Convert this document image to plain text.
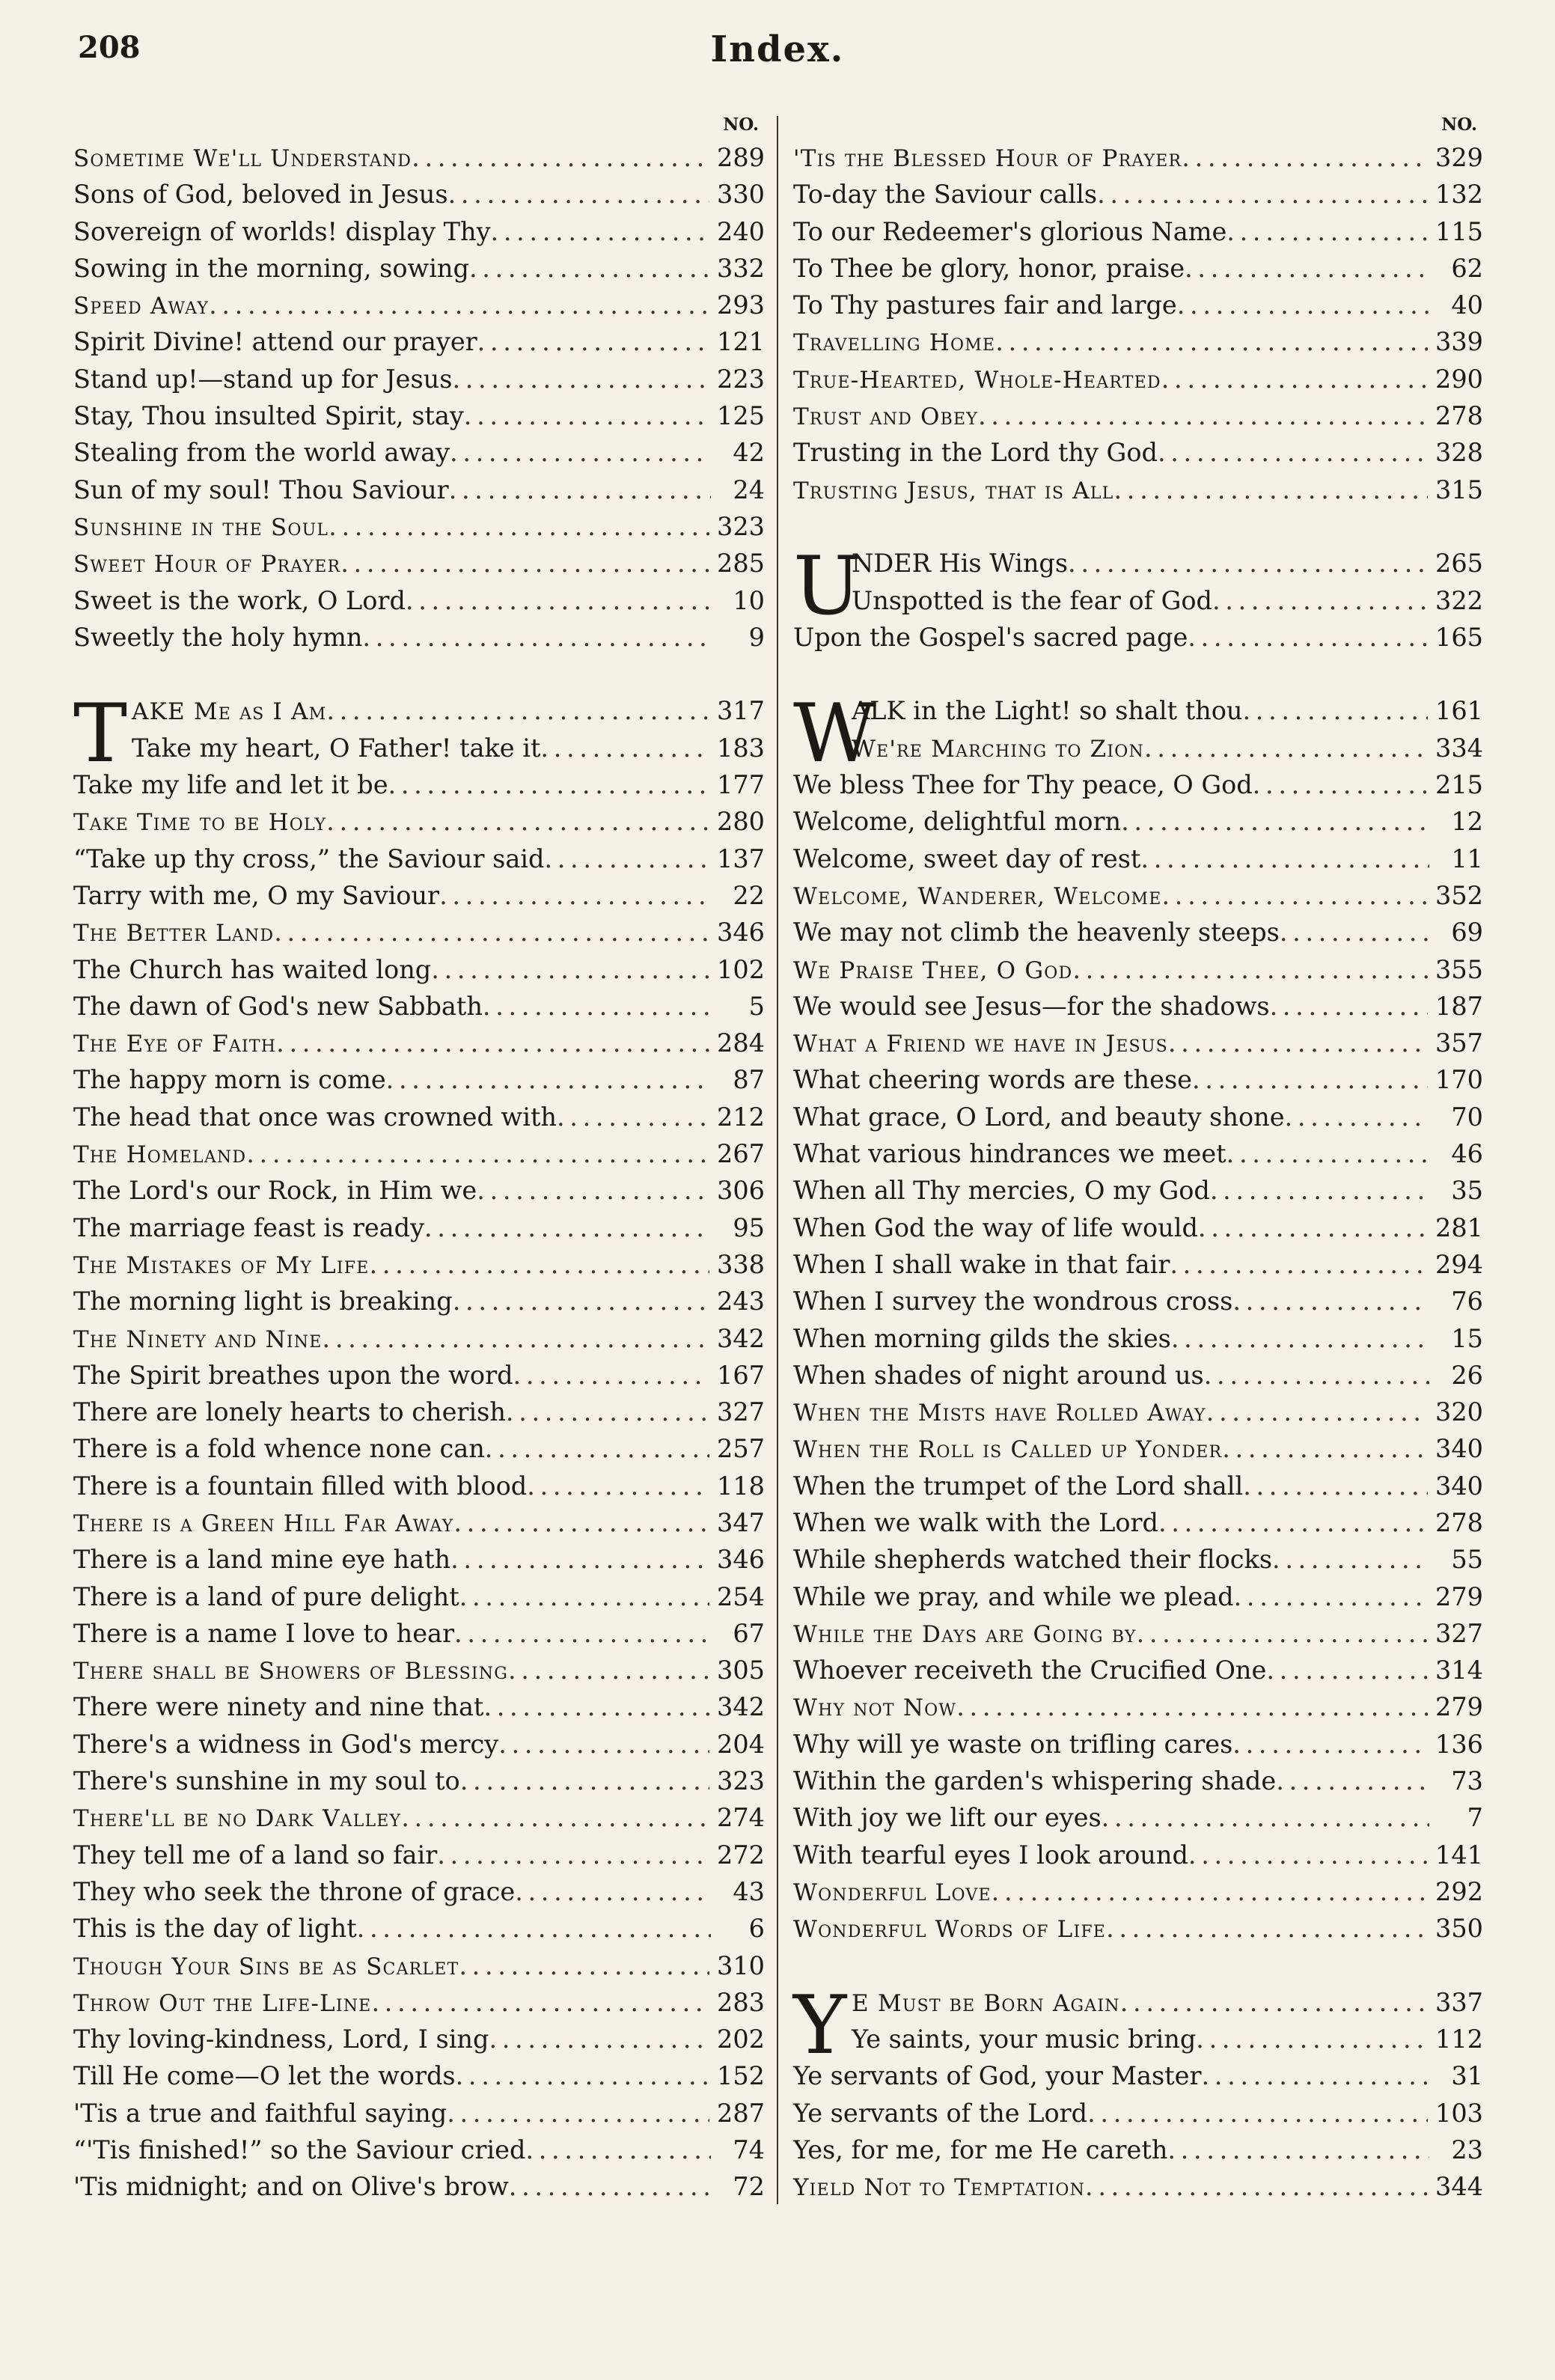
208	Index.
NO.
Sometime We'll Understand . . .	289
Sons of God, beloved in Jesus . . .	330
Sovereign of worlds! display Thy . . .	240
Sowing in the morning, sowing . . .	332
Speed Away . . .	293
Spirit Divine! attend our prayer . . .	121
Stand up!—stand up for Jesus . . .	223
Stay, Thou insulted Spirit, stay . . .	125
Stealing from the world away . . .	42
Sun of my soul! Thou Saviour . . .	24
Sunshine in the Soul . . .	323
Sweet Hour of Prayer . . .	285
Sweet is the work, O Lord . . .	10
Sweetly the holy hymn . . .	9
T AKE Me as I Am . . .	317
Take my heart, O Father! take it . . .	183
Take my life and let it be . . .	177
Take Time to be Holy . . .	280
“Take up thy cross,” the Saviour said . . .	137
Tarry with me, O my Saviour . . .	22
The Better Land . . .	346
The Church has waited long . . .	102
The dawn of God's new Sabbath . . .	5
The Eye of Faith . . .	284
The happy morn is come . . .	87
The head that once was crowned with . . .	212
The Homeland . . .	267
The Lord's our Rock, in Him we . . .	306
The marriage feast is ready . . .	95
The Mistakes of My Life . . .	338
The morning light is breaking . . .	243
The Ninety and Nine . . .	342
The Spirit breathes upon the word . . .	167
There are lonely hearts to cherish . . .	327
There is a fold whence none can . . .	257
There is a fountain filled with blood . . .	118
There is a Green Hill Far Away . . .	347
There is a land mine eye hath . . .	346
There is a land of pure delight . . .	254
There is a name I love to hear . . .	67
There shall be Showers of Blessing . . .	305
There were ninety and nine that . . .	342
There's a widness in God's mercy . . .	204
There's sunshine in my soul to . . .	323
There'll be no Dark Valley . . .	274
They tell me of a land so fair . . .	272
They who seek the throne of grace . . .	43
This is the day of light . . .	6
Though Your Sins be as Scarlet . . .	310
Throw Out the Life-Line . . .	283
Thy loving-kindness, Lord, I sing . . .	202
Till He come—O let the words . . .	152
'Tis a true and faithful saying . . .	287
“'Tis finished!” so the Saviour cried . . .	74
'Tis midnight; and on Olive's brow . . .	72
NO.
'Tis the Blessed Hour of Prayer . . .	329
To-day the Saviour calls . . .	132
To our Redeemer's glorious Name . . .	115
To Thee be glory, honor, praise . . .	62
To Thy pastures fair and large . . .	40
Travelling Home . . .	339
True-Hearted, Whole-Hearted . . .	290
Trust and Obey . . .	278
Trusting in the Lord thy God . . .	328
Trusting Jesus, that is All . . .	315
U
NDER His Wings . . .	265
Unspotted is the fear of God . . .	322
Upon the Gospel's sacred page . . .	165
W
ALK in the Light! so shalt thou . . .	161
We're Marching to Zion . . .	334
We bless Thee for Thy peace, O God . . .	215
Welcome, delightful morn . . .	12
Welcome, sweet day of rest . . .	11
Welcome, Wanderer, Welcome . . .	352
We may not climb the heavenly steeps . . .	69
We Praise Thee, O God . . .	355
We would see Jesus—for the shadows . . .	187
What a Friend we have in Jesus . . .	357
What cheering words are these . . .	170
What grace, O Lord, and beauty shone . . .	70
What various hindrances we meet . . .	46
When all Thy mercies, O my God . . .	35
When God the way of life would . . .	281
When I shall wake in that fair . . .	294
When I survey the wondrous cross . . .	76
When morning gilds the skies . . .	15
When shades of night around us . . .	26
When the Mists have Rolled Away . . .	320
When the Roll is Called up Yonder . . .	340
When the trumpet of the Lord shall . . .	340
When we walk with the Lord . . .	278
While shepherds watched their flocks . . .	55
While we pray, and while we plead . . .	279
While the Days are Going by . . .	327
Whoever receiveth the Crucified One . . .	314
Why not Now . . .	279
Why will ye waste on trifling cares . . .	136
Within the garden's whispering shade . . .	73
With joy we lift our eyes . . .	7
With tearful eyes I look around . . .	141
Wonderful Love . . .	292
Wonderful Words of Life . . .	350
Y E Must be Born Again . . .	337
Ye saints, your music bring . . .	112
Ye servants of God, your Master . . .	31
Ye servants of the Lord . . .	103
Yes, for me, for me He careth . . .	23
Yield Not to Temptation . . .	344
